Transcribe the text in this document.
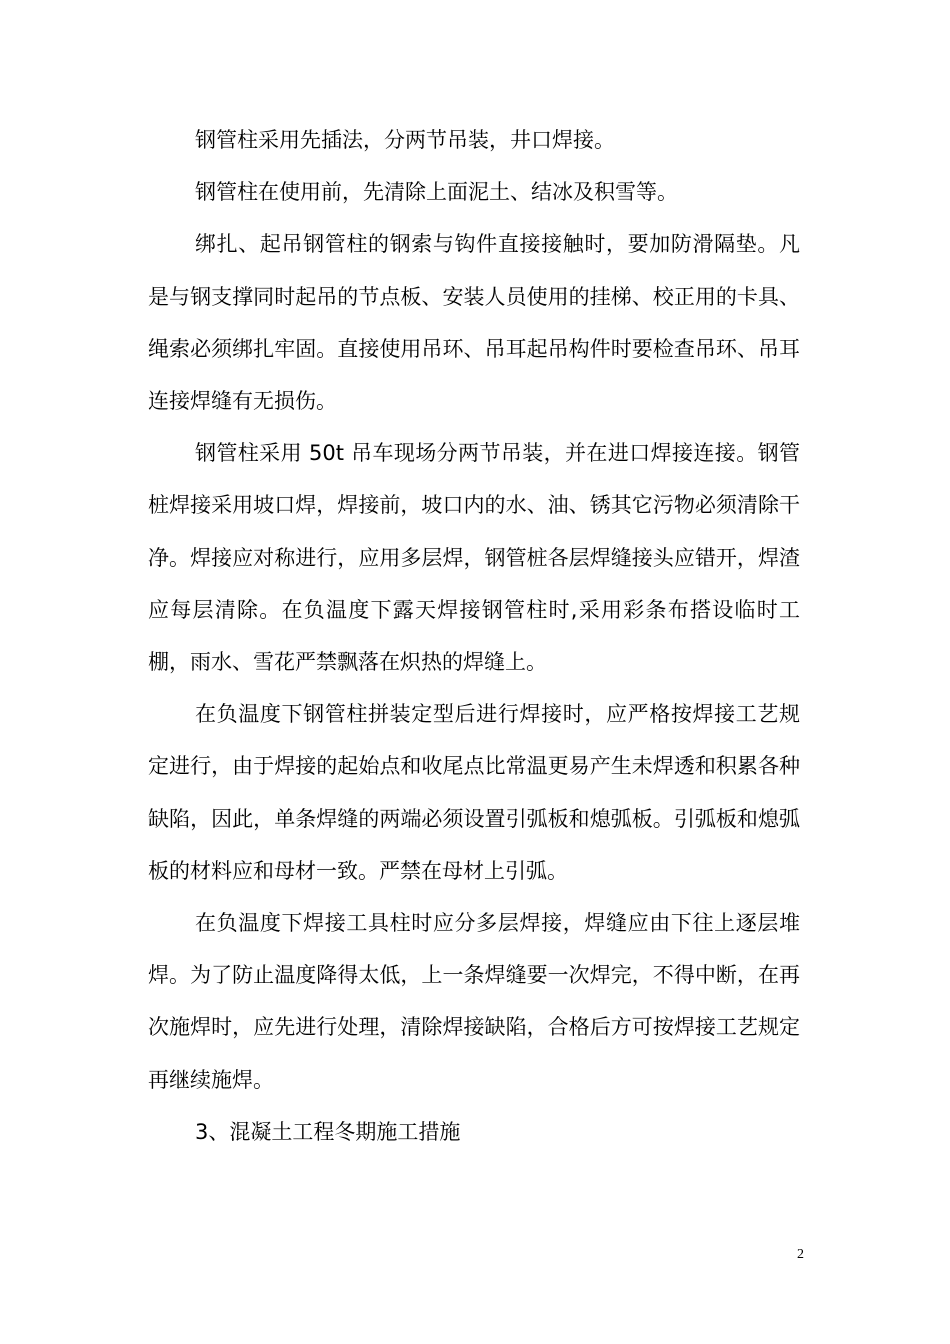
钢管柱采用先插法，分两节吊装，井口焊接。

钢管柱在使用前，先清除上面泥土、结冰及积雪等。

绑扎、起吊钢管柱的钢索与钩件直接接触时，要加防滑隔垫。凡是与钢支撑同时起吊的节点板、安装人员使用的挂梯、校正用的卡具、绳索必须绑扎牢固。直接使用吊环、吊耳起吊构件时要检查吊环、吊耳连接焊缝有无损伤。

钢管柱采用 50t 吊车现场分两节吊装，并在进口焊接连接。钢管桩焊接采用坡口焊，焊接前，坡口内的水、油、锈其它污物必须清除干净。焊接应对称进行，应用多层焊，钢管桩各层焊缝接头应错开，焊渣应每层清除。在负温度下露天焊接钢管柱时,采用彩条布搭设临时工棚，雨水、雪花严禁飘落在炽热的焊缝上。

在负温度下钢管柱拼装定型后进行焊接时，应严格按焊接工艺规定进行，由于焊接的起始点和收尾点比常温更易产生未焊透和积累各种缺陷，因此，单条焊缝的两端必须设置引弧板和熄弧板。引弧板和熄弧板的材料应和母材一致。严禁在母材上引弧。

在负温度下焊接工具柱时应分多层焊接，焊缝应由下往上逐层堆焊。为了防止温度降得太低，上一条焊缝要一次焊完，不得中断，在再次施焊时，应先进行处理，清除焊接缺陷，合格后方可按焊接工艺规定再继续施焊。

3、混凝土工程冬期施工措施

2
